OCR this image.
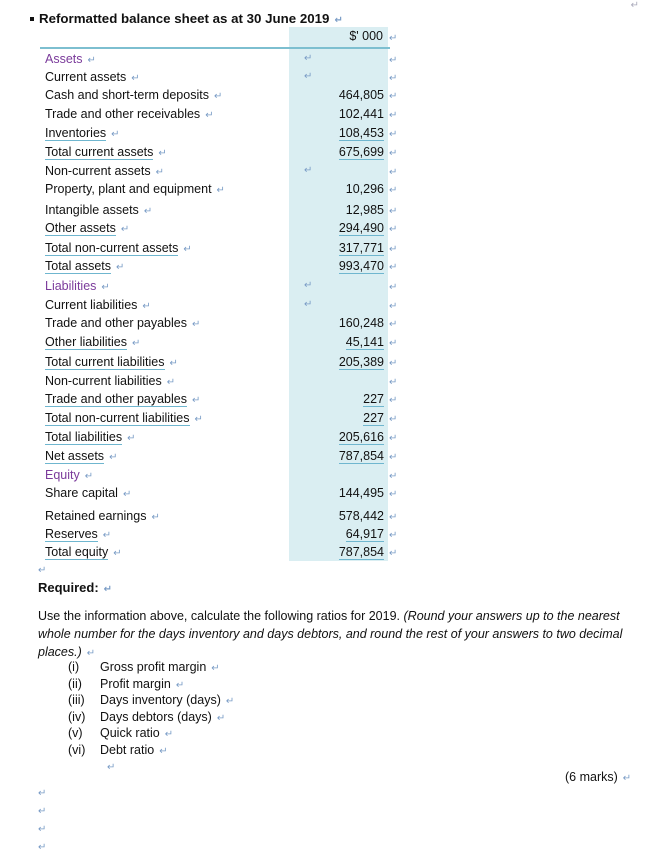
↵
Reformatted balance sheet as at 30 June 2019 ↵
$' 000 ↵
Assets ↵	↵	↵
Current assets ↵	↵	↵
Cash and short-term deposits ↵	464,805 ↵
Trade and other receivables ↵	102,441 ↵
Inventories ↵	108,453 ↵
Total current assets ↵	675,699 ↵
Non-current assets ↵	↵	↵
Property, plant and equipment ↵	10,296 ↵
Intangible assets ↵	12,985 ↵
Other assets ↵	294,490 ↵
Total non-current assets ↵	317,771 ↵
Total assets ↵	993,470 ↵
Liabilities ↵	↵	↵
Current liabilities ↵	↵	↵
Trade and other payables ↵	160,248 ↵
Other liabilities ↵	45,141 ↵
Total current liabilities ↵	205,389 ↵
Non-current liabilities ↵	↵
Trade and other payables ↵	227 ↵
Total non-current liabilities ↵	227 ↵
Total liabilities ↵	205,616 ↵
Net assets ↵	787,854 ↵
Equity ↵	↵
Share capital ↵	144,495 ↵
Retained earnings ↵	578,442 ↵
Reserves ↵	64,917 ↵
Total equity ↵	787,854 ↵
Required: ↵
Use the information above, calculate the following ratios for 2019. (Round your answers up to the nearest whole number for the days inventory and days debtors, and round the rest of your answers to two decimal places.) ↵
(i) Gross profit margin ↵
(ii) Profit margin ↵
(iii) Days inventory (days) ↵
(iv) Days debtors (days) ↵
(v) Quick ratio ↵
(vi) Debt ratio ↵
↵
(6 marks) ↵
↵
↵
↵
↵
↵
